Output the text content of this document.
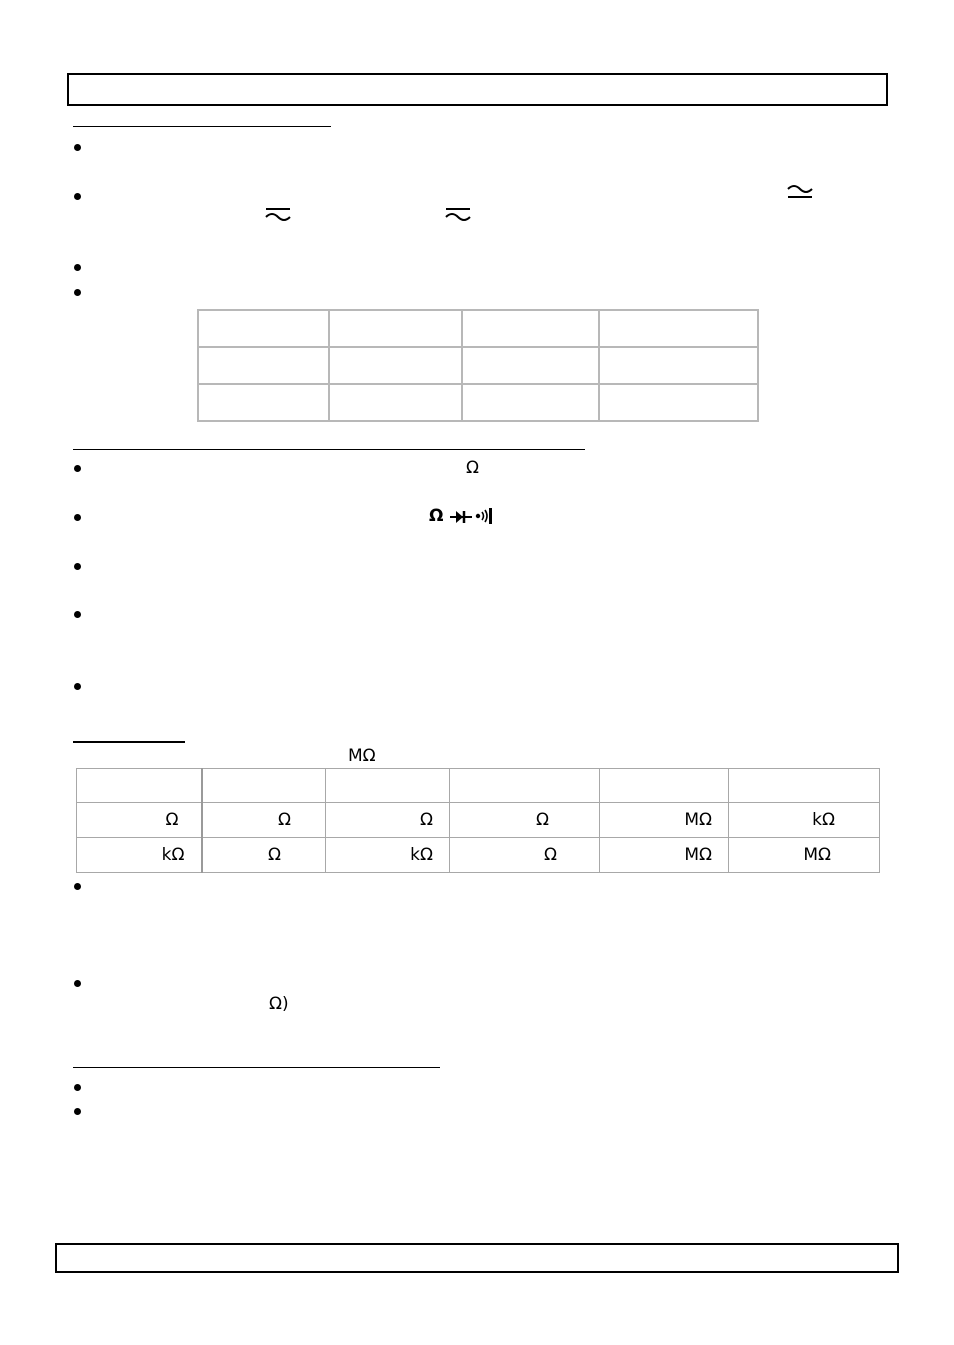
Ω
Ω
MΩ

Ω	Ω	Ω	Ω	MΩ	kΩ
kΩ	Ω	kΩ	Ω	MΩ	MΩ
Ω)
